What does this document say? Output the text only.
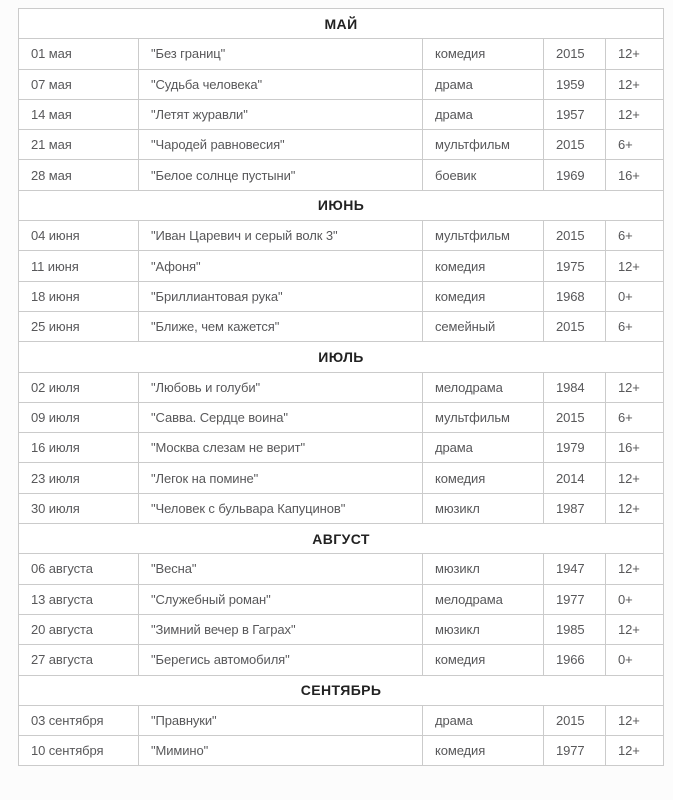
МАЙ				
01 мая	"Без границ"	комедия	2015	12+
07 мая	"Судьба человека"	драма	1959	12+
14 мая	"Летят журавли"	драма	1957	12+
21 мая	"Чародей равновесия"	мультфильм	2015	6+
28 мая	"Белое солнце пустыни"	боевик	1969	16+
ИЮНЬ				
04 июня	"Иван Царевич и серый волк 3"	мультфильм	2015	6+
11 июня	"Афоня"	комедия	1975	12+
18 июня	"Бриллиантовая рука"	комедия	1968	0+
25 июня	"Ближе, чем кажется"	семейный	2015	6+
ИЮЛЬ				
02 июля	"Любовь и голуби"	мелодрама	1984	12+
09 июля	"Савва. Сердце воина"	мультфильм	2015	6+
16 июля	"Москва слезам не верит"	драма	1979	16+
23 июля	"Легок на помине"	комедия	2014	12+
30 июля	"Человек с бульвара Капуцинов"	мюзикл	1987	12+
АВГУСТ				
06 августа	"Весна"	мюзикл	1947	12+
13 августа	"Служебный роман"	мелодрама	1977	0+
20 августа	"Зимний вечер в Гаграх"	мюзикл	1985	12+
27 августа	"Берегись автомобиля"	комедия	1966	0+
СЕНТЯБРЬ				
03 сентября	"Правнуки"	драма	2015	12+
10 сентября	"Мимино"	комедия	1977	12+
